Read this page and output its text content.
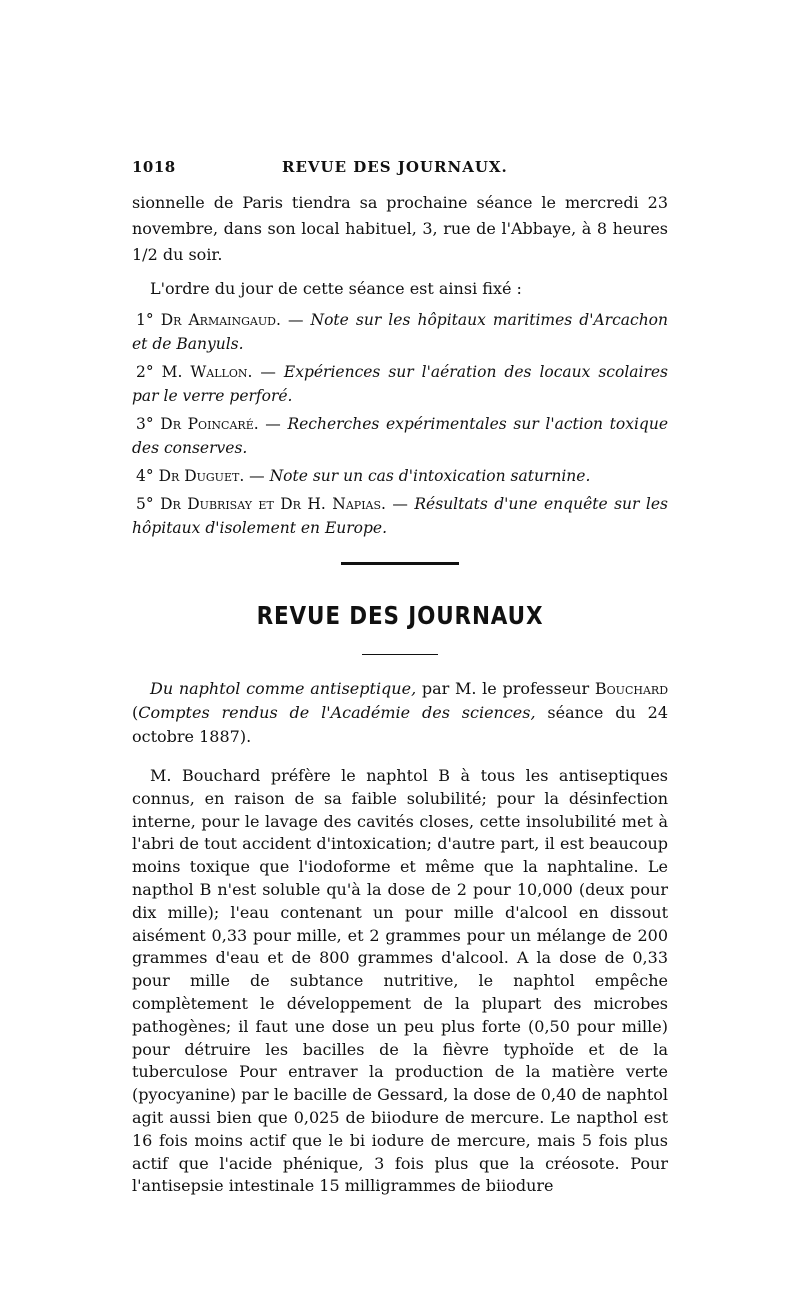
1018	REVUE DES JOURNAUX.

sionnelle de Paris tiendra sa prochaine séance le mercredi 23 novembre, dans son local habituel, 3, rue de l'Abbaye, à 8 heures 1/2 du soir.

L'ordre du jour de cette séance est ainsi fixé :

1° Dr Armaingaud. — Note sur les hôpitaux maritimes d'Arcachon et de Banyuls.

2° M. Wallon. — Expériences sur l'aération des locaux scolaires par le verre perforé.

3° Dr Poincaré. — Recherches expérimentales sur l'action toxique des conserves.

4° Dr Duguet. — Note sur un cas d'intoxication saturnine.

5° Dr Dubrisay et Dr H. Napias. — Résultats d'une enquête sur les hôpitaux d'isolement en Europe.

REVUE DES JOURNAUX

Du naphtol comme antiseptique, par M. le professeur Bouchard (Comptes rendus de l'Académie des sciences, séance du 24 octobre 1887).

M. Bouchard préfère le naphtol B à tous les antiseptiques connus, en raison de sa faible solubilité; pour la désinfection interne, pour le lavage des cavités closes, cette insolubilité met à l'abri de tout accident d'intoxication; d'autre part, il est beaucoup moins toxique que l'iodoforme et même que la naphtaline. Le napthol B n'est soluble qu'à la dose de 2 pour 10,000 (deux pour dix mille); l'eau contenant un pour mille d'alcool en dissout aisément 0,33 pour mille, et 2 grammes pour un mélange de 200 grammes d'eau et de 800 grammes d'alcool. A la dose de 0,33 pour mille de subtance nutritive, le naphtol empêche complètement le développement de la plupart des microbes pathogènes; il faut une dose un peu plus forte (0,50 pour mille) pour détruire les bacilles de la fièvre typhoïde et de la tuberculose Pour entraver la production de la matière verte (pyocyanine) par le bacille de Gessard, la dose de 0,40 de naphtol agit aussi bien que 0,025 de biiodure de mercure. Le napthol est 16 fois moins actif que le bi iodure de mercure, mais 5 fois plus actif que l'acide phénique, 3 fois plus que la créosote. Pour l'antisepsie intestinale 15 milligrammes de biiodure
